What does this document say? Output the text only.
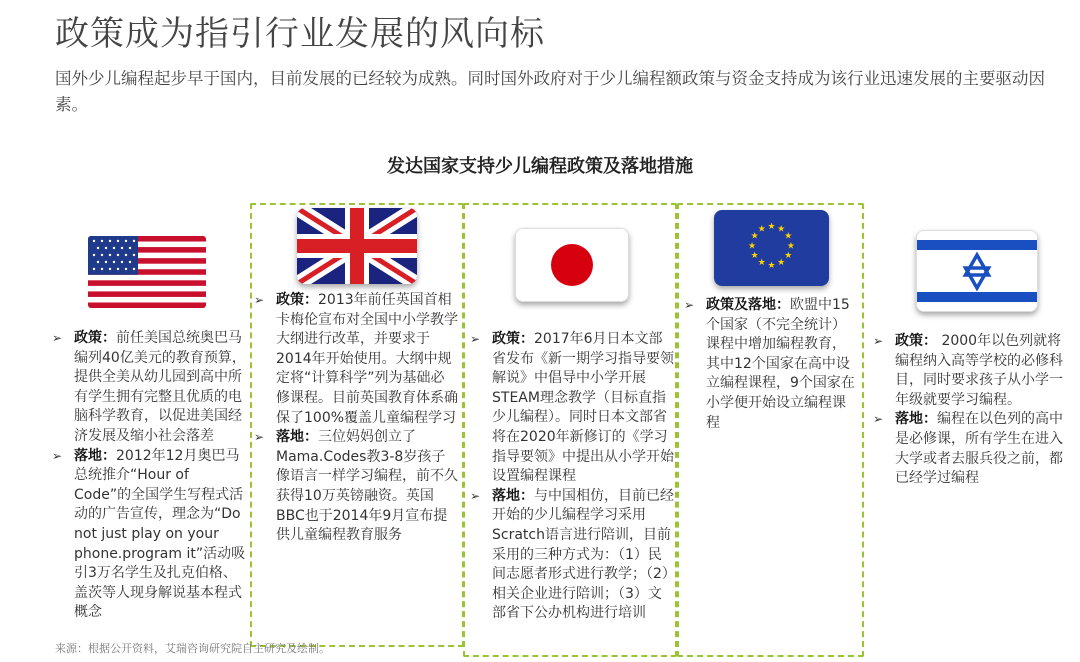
政策成为指引行业发展的风向标
国外少儿编程起步早于国内，目前发展的已经较为成熟。同时国外政府对于少儿编程额政策与资金支持成为该行业迅速发展的主要驱动因素。
发达国家支持少儿编程政策及落地措施
★ ★
★
★
★
★
★
★
★
★
★
★
➢ 政策：前任美国总统奥巴马编列40亿美元的教育预算，提供全美从幼儿园到高中所有学生拥有完整且优质的电脑科学教育，以促进美国经济发展及缩小社会落差
➢ 落地：2012年12月奥巴马总统推介“Hour of Code”的全国学生写程式活动的广告宣传，理念为“Do not just play on your phone.program it”活动吸引3万名学生及扎克伯格、盖茨等人现身解说基本程式概念
➢ 政策：2013年前任英国首相卡梅伦宣布对全国中小学教学大纲进行改革，并要求于2014年开始使用。大纲中规定将“计算科学”列为基础必修课程。目前英国教育体系确保了100%覆盖儿童编程学习
➢ 落地：三位妈妈创立了Mama.Codes教3-8岁孩子像语言一样学习编程，前不久获得10万英镑融资。英国BBC也于2014年9月宣布提供儿童编程教育服务
➢ 政策：2017年6月日本文部省发布《新一期学习指导要领解说》中倡导中小学开展STEAM理念教学（目标直指少儿编程）。同时日本文部省将在2020年新修订的《学习指导要领》中提出从小学开始设置编程课程
➢ 落地：与中国相仿，目前已经开始的少儿编程学习采用Scratch语言进行陪训，目前采用的三种方式为：（1）民间志愿者形式进行教学；（2）相关企业进行陪训；（3）文部省下公办机构进行培训
➢ 政策及落地：欧盟中15个国家（不完全统计）课程中增加编程教育，其中12个国家在高中设立编程课程，9个国家在小学便开始设立编程课程
➢ 政策： 2000年以色列就将编程纳入高等学校的必修科目，同时要求孩子从小学一年级就要学习编程。
➢ 落地：编程在以色列的高中是必修课，所有学生在进入大学或者去服兵役之前，都已经学过编程
来源：根据公开资料，艾瑞咨询研究院自主研究及绘制。
